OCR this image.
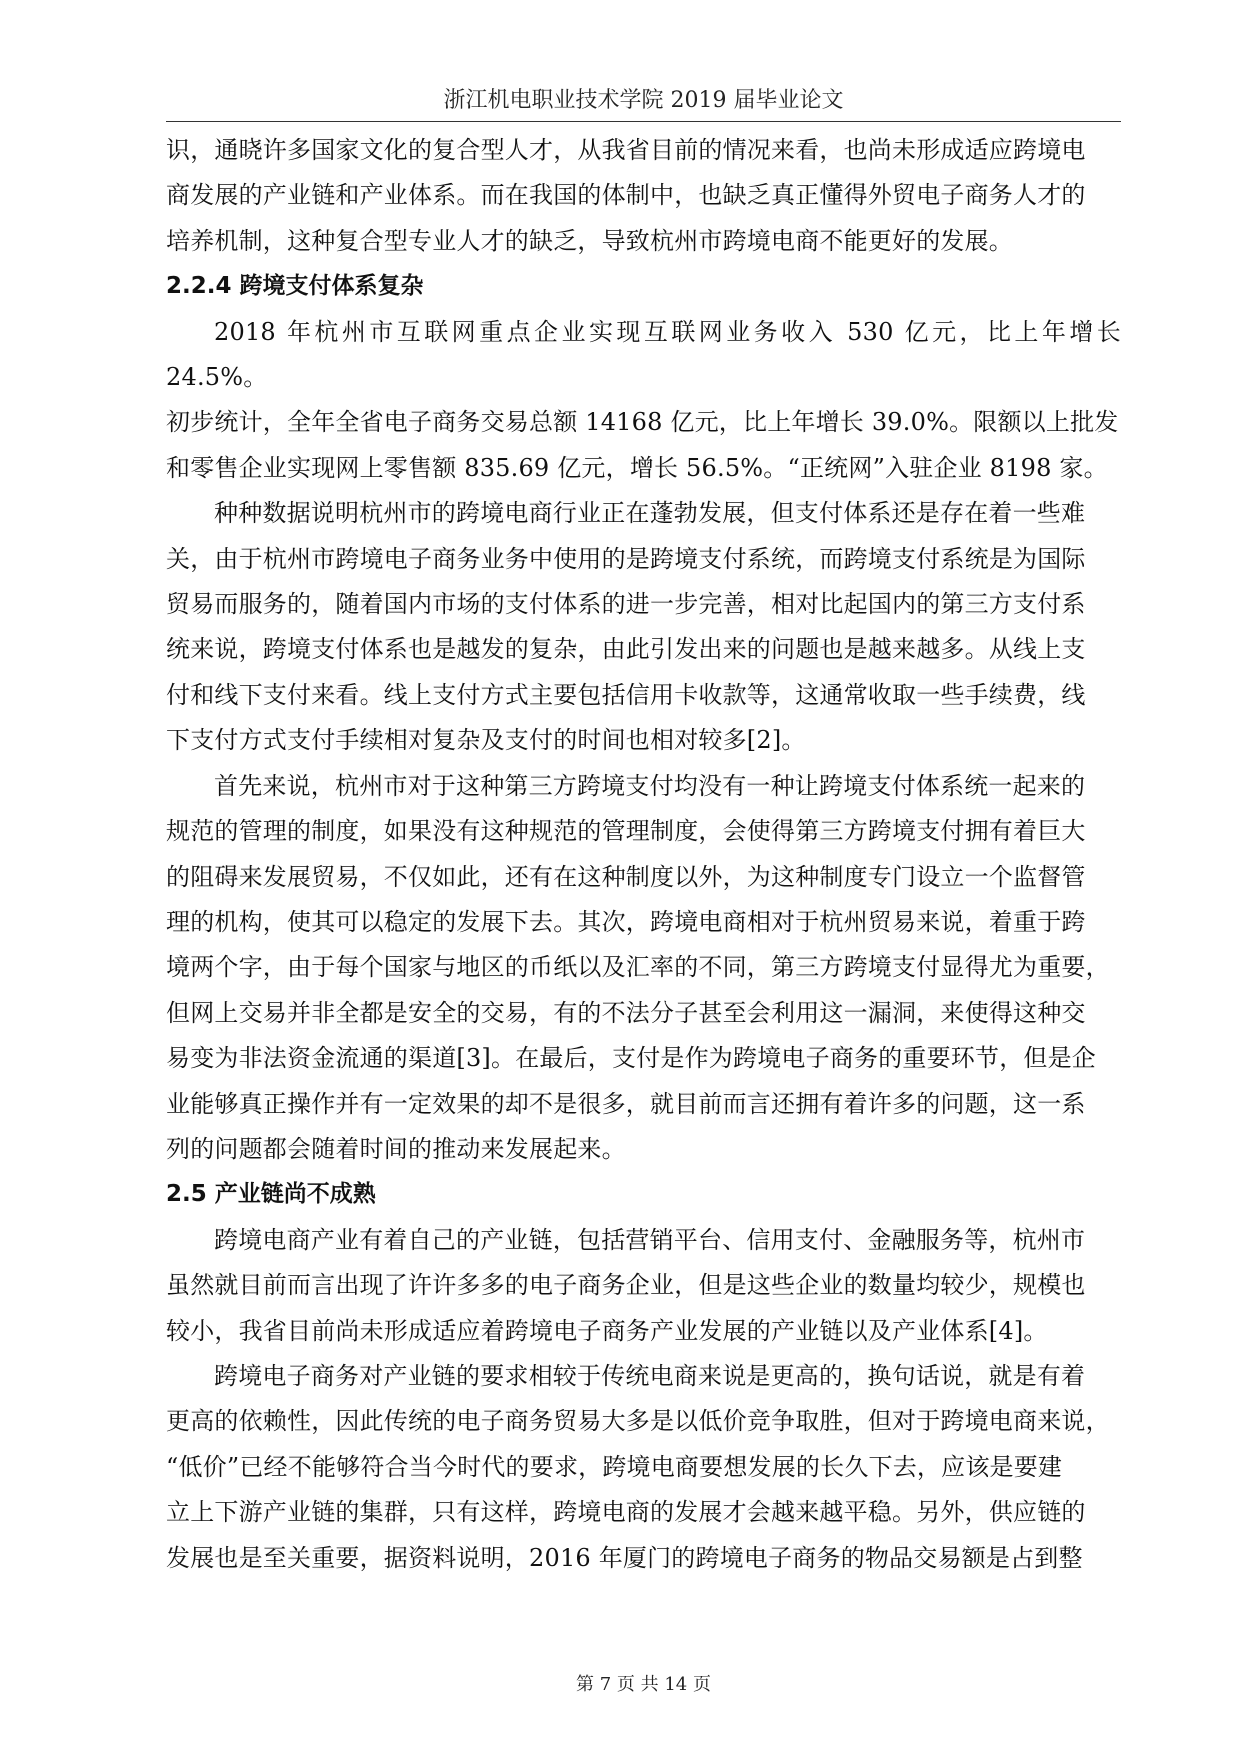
浙江机电职业技术学院 2019 届毕业论文

识，通晓许多国家文化的复合型人才，从我省目前的情况来看，也尚未形成适应跨境电
商发展的产业链和产业体系。而在我国的体制中，也缺乏真正懂得外贸电子商务人才的
培养机制，这种复合型专业人才的缺乏，导致杭州市跨境电商不能更好的发展。

2.2.4 跨境支付体系复杂

2018 年杭州市互联网重点企业实现互联网业务收入 530 亿元，比上年增长 24.5%。
初步统计，全年全省电子商务交易总额 14168 亿元，比上年增长 39.0%。限额以上批发
和零售企业实现网上零售额 835.69 亿元，增长 56.5%。“正统网”入驻企业 8198 家。

种种数据说明杭州市的跨境电商行业正在蓬勃发展，但支付体系还是存在着一些难
关，由于杭州市跨境电子商务业务中使用的是跨境支付系统，而跨境支付系统是为国际
贸易而服务的，随着国内市场的支付体系的进一步完善，相对比起国内的第三方支付系
统来说，跨境支付体系也是越发的复杂，由此引发出来的问题也是越来越多。从线上支
付和线下支付来看。线上支付方式主要包括信用卡收款等，这通常收取一些手续费，线
下支付方式支付手续相对复杂及支付的时间也相对较多[2]。

首先来说，杭州市对于这种第三方跨境支付均没有一种让跨境支付体系统一起来的
规范的管理的制度，如果没有这种规范的管理制度，会使得第三方跨境支付拥有着巨大
的阻碍来发展贸易，不仅如此，还有在这种制度以外，为这种制度专门设立一个监督管
理的机构，使其可以稳定的发展下去。其次，跨境电商相对于杭州贸易来说，着重于跨
境两个字，由于每个国家与地区的币纸以及汇率的不同，第三方跨境支付显得尤为重要，
但网上交易并非全都是安全的交易，有的不法分子甚至会利用这一漏洞，来使得这种交
易变为非法资金流通的渠道[3]。在最后，支付是作为跨境电子商务的重要环节，但是企
业能够真正操作并有一定效果的却不是很多，就目前而言还拥有着许多的问题，这一系
列的问题都会随着时间的推动来发展起来。

2.5 产业链尚不成熟

跨境电商产业有着自己的产业链，包括营销平台、信用支付、金融服务等，杭州市
虽然就目前而言出现了许许多多的电子商务企业，但是这些企业的数量均较少，规模也
较小，我省目前尚未形成适应着跨境电子商务产业发展的产业链以及产业体系[4]。

跨境电子商务对产业链的要求相较于传统电商来说是更高的，换句话说，就是有着
更高的依赖性，因此传统的电子商务贸易大多是以低价竞争取胜，但对于跨境电商来说，
“低价”已经不能够符合当今时代的要求，跨境电商要想发展的长久下去，应该是要建
立上下游产业链的集群，只有这样，跨境电商的发展才会越来越平稳。另外，供应链的
发展也是至关重要，据资料说明，2016 年厦门的跨境电子商务的物品交易额是占到整

第 7 页 共 14 页
